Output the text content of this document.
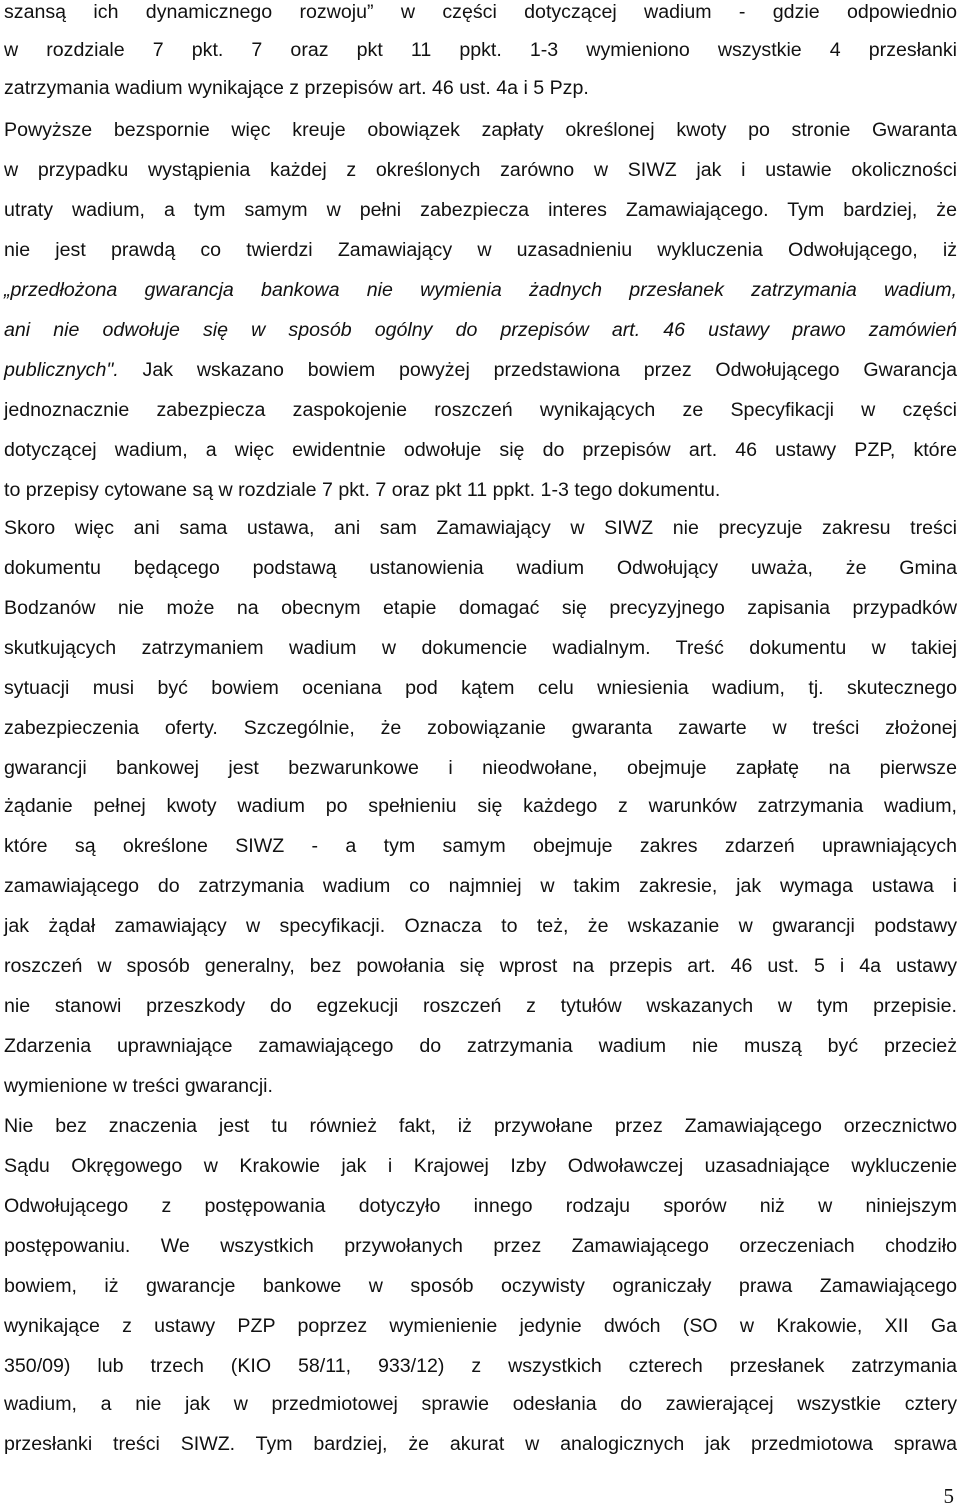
szansą ich dynamicznego rozwoju” w części dotyczącej wadium - gdzie odpowiednio
w rozdziale 7 pkt. 7 oraz pkt 11 ppkt. 1-3 wymieniono wszystkie 4 przesłanki
zatrzymania wadium wynikające z przepisów art. 46 ust. 4a i 5 Pzp.
Powyższe bezspornie więc kreuje obowiązek zapłaty określonej kwoty po stronie Gwaranta
w przypadku wystąpienia każdej z określonych zarówno w SIWZ jak i ustawie okoliczności
utraty wadium, a tym samym w pełni zabezpiecza interes Zamawiającego. Tym bardziej, że
nie jest prawdą co twierdzi Zamawiający w uzasadnieniu wykluczenia Odwołującego, iż
„przedłożona gwarancja bankowa nie wymienia żadnych przesłanek zatrzymania wadium,
ani nie odwołuje się w sposób ogólny do przepisów art. 46 ustawy prawo zamówień
publicznych". Jak wskazano bowiem powyżej przedstawiona przez Odwołującego Gwarancja
jednoznacznie zabezpiecza zaspokojenie roszczeń wynikających ze Specyfikacji w części
dotyczącej wadium, a więc ewidentnie odwołuje się do przepisów art. 46 ustawy PZP, które
to przepisy cytowane są w rozdziale 7 pkt. 7 oraz pkt 11 ppkt. 1-3 tego dokumentu.
Skoro więc ani sama ustawa, ani sam Zamawiający w SIWZ nie precyzuje zakresu treści
dokumentu będącego podstawą ustanowienia wadium Odwołujący uważa, że Gmina
Bodzanów nie może na obecnym etapie domagać się precyzyjnego zapisania przypadków
skutkujących zatrzymaniem wadium w dokumencie wadialnym. Treść dokumentu w takiej
sytuacji musi być bowiem oceniana pod kątem celu wniesienia wadium, tj. skutecznego
zabezpieczenia oferty. Szczególnie, że zobowiązanie gwaranta zawarte w treści złożonej
gwarancji bankowej jest bezwarunkowe i nieodwołane, obejmuje zapłatę na pierwsze
żądanie pełnej kwoty wadium po spełnieniu się każdego z warunków zatrzymania wadium,
które są określone SIWZ - a tym samym obejmuje zakres zdarzeń uprawniających
zamawiającego do zatrzymania wadium co najmniej w takim zakresie, jak wymaga ustawa i
jak żądał zamawiający w specyfikacji. Oznacza to też, że wskazanie w gwarancji podstawy
roszczeń w sposób generalny, bez powołania się wprost na przepis art. 46 ust. 5 i 4a ustawy
nie stanowi przeszkody do egzekucji roszczeń z tytułów wskazanych w tym przepisie.
Zdarzenia uprawniające zamawiającego do zatrzymania wadium nie muszą być przecież
wymienione w treści gwarancji.
Nie bez znaczenia jest tu również fakt, iż przywołane przez Zamawiającego orzecznictwo
Sądu Okręgowego w Krakowie jak i Krajowej Izby Odwoławczej uzasadniające wykluczenie
Odwołującego z postępowania dotyczyło innego rodzaju sporów niż w niniejszym
postępowaniu. We wszystkich przywołanych przez Zamawiającego orzeczeniach chodziło
bowiem, iż gwarancje bankowe w sposób oczywisty ograniczały prawa Zamawiającego
wynikające z ustawy PZP poprzez wymienienie jedynie dwóch (SO w Krakowie, XII Ga
350/09) lub trzech (KIO 58/11, 933/12) z wszystkich czterech przesłanek zatrzymania
wadium, a nie jak w przedmiotowej sprawie odesłania do zawierającej wszystkie cztery
przesłanki treści SIWZ. Tym bardziej, że akurat w analogicznych jak przedmiotowa sprawa
5
